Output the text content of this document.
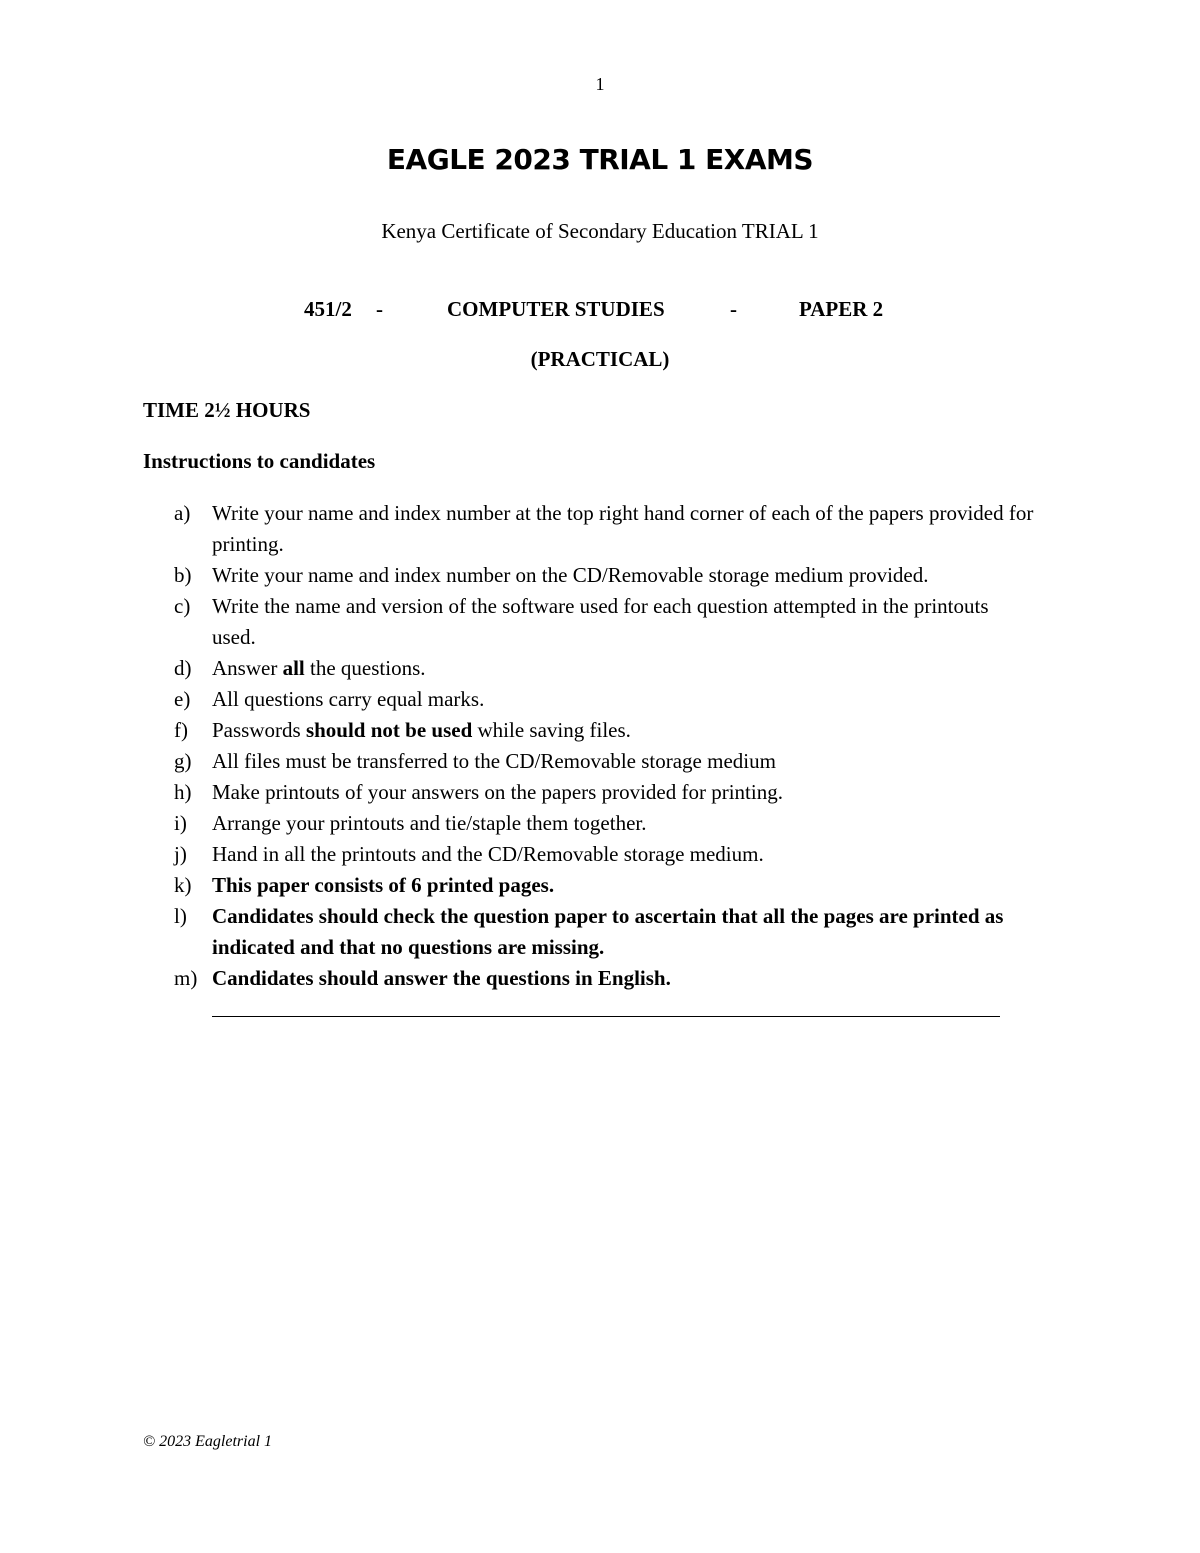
1
EAGLE 2023 TRIAL 1 EXAMS
Kenya Certificate of Secondary Education TRIAL 1
451/2 -	COMPUTER STUDIES	-	PAPER 2
(PRACTICAL)
TIME 2½ HOURS
Instructions to candidates
a) Write your name and index number at the top right hand corner of each of the papers provided for printing.
b) Write your name and index number on the CD/Removable storage medium provided.
c) Write the name and version of the software used for each question attempted in the printouts used.
d) Answer all the questions.
e) All questions carry equal marks.
f) Passwords should not be used while saving files.
g) All files must be transferred to the CD/Removable storage medium
h) Make printouts of your answers on the papers provided for printing.
i) Arrange your printouts and tie/staple them together.
j) Hand in all the printouts and the CD/Removable storage medium.
k) This paper consists of 6 printed pages.
l) Candidates should check the question paper to ascertain that all the pages are printed as indicated and that no questions are missing.
m) Candidates should answer the questions in English.
© 2023 Eagletrial 1
